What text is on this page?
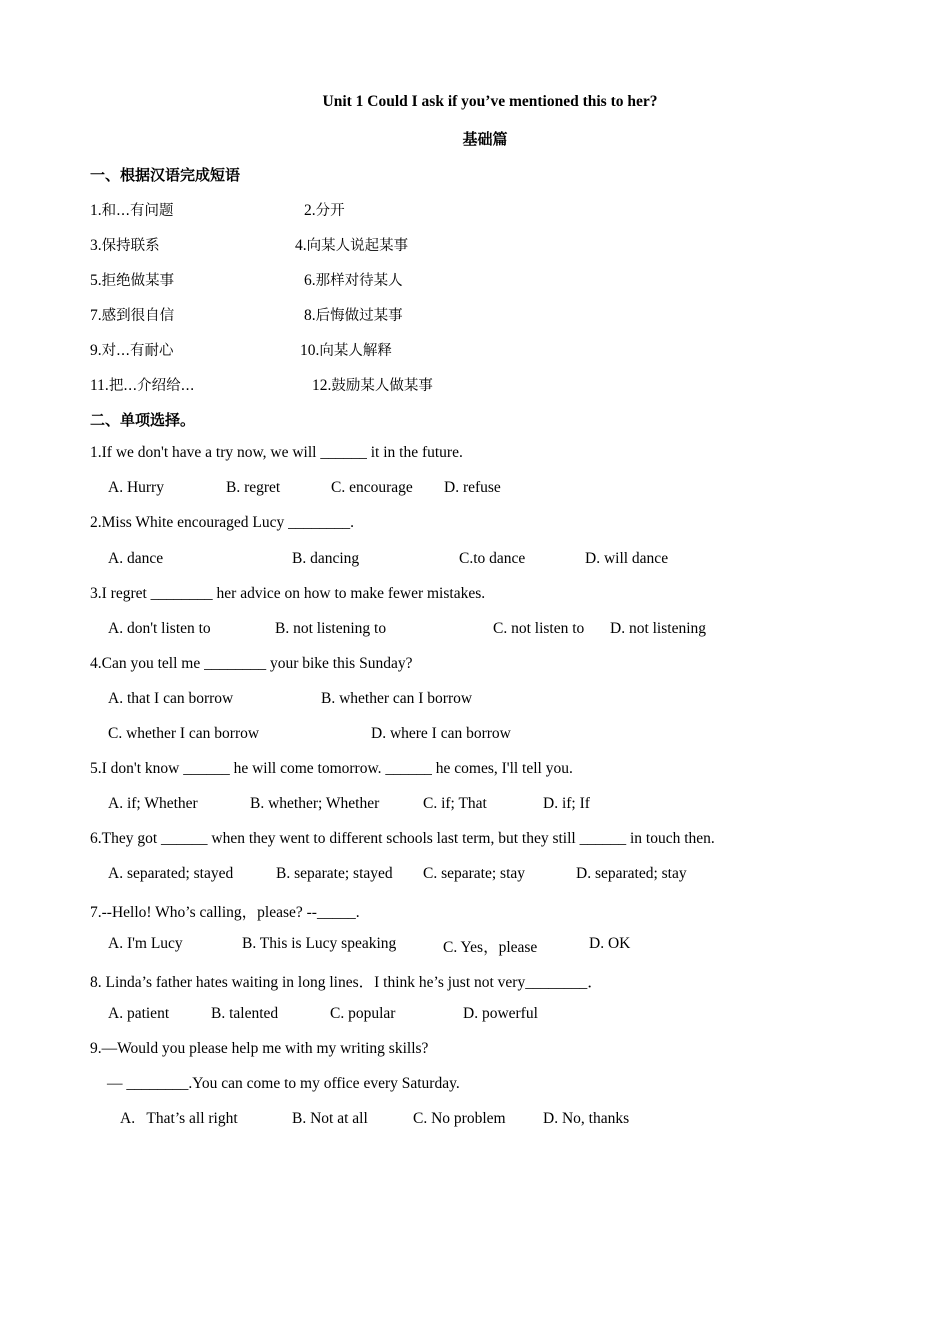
Unit 1 Could I ask if you’ve mentioned this to her?
基础篇
一、根据汉语完成短语
1.和...有问题	2.分开
3.保持联系	4.向某人说起某事
5.拒绝做某事	6.那样对待某人
7.感到很自信	8.后悔做过某事
9.对...有耐心	10.向某人解释
11.把...介绍给...	12.鼓励某人做某事
二、单项选择。
1.If we don't have a try now, we will ______ it in the future.
A. Hurry	B. regret	C. encourage D. refuse
2.Miss White encouraged Lucy ________.
A. dance	B. dancing	C.to dance	D. will dance
3.I regret ________ her advice on how to make fewer mistakes.
A. don't listen to	B. not listening to	C. not listen to D. not listening
4.Can you tell me ________ your bike this Sunday?
A. that I can borrow	B. whether can I borrow
C. whether I can borrow	D. where I can borrow
5.I don't know ______ he will come tomorrow. ______ he comes, I'll tell you.
A. if; Whether	B. whether; Whether	C. if; That	D. if; If
6.They got ______ when they went to different schools last term, but they still ______ in touch then.
A. separated; stayed	B. separate; stayed C. separate; stay	D. separated; stay
7.--Hello! Who’s calling，please? --_____.
A. I'm Lucy	B. This is Lucy speaking	C. Yes，please	D. OK
8. Linda’s father hates waiting in long lines．I think he’s just not very________．
A. patient	B. talented	C. popular	D. powerful
9.—Would you please help me with my writing skills?
— ________.You can come to my office every Saturday.
A.   That’s all right	B. Not at all	C. No problem D. No, thanks
